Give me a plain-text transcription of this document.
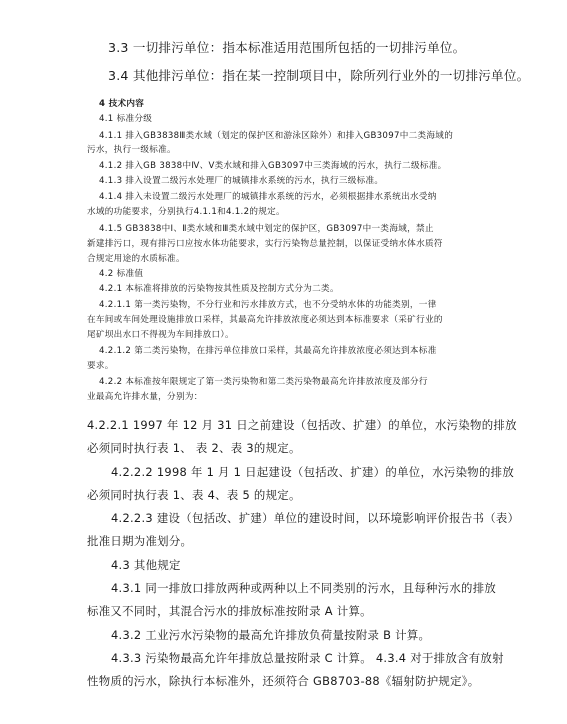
3.3 一切排污单位：指本标准适用范围所包括的一切排污单位。
3.4 其他排污单位：指在某一控制项目中，除所列行业外的一切排污单位。
4 技术内容
4.1 标准分级
4.1.1 排入GB3838Ⅲ类水域（划定的保护区和游泳区除外）和排入GB3097中二类海域的
污水，执行一级标准。
4.1.2 排入GB 3838中Ⅳ、Ⅴ类水域和排入GB3097中三类海域的污水，执行二级标准。
4.1.3 排入设置二级污水处理厂的城镇排水系统的污水，执行三级标准。
4.1.4 排入未设置二级污水处理厂的城镇排水系统的污水，必须根据排水系统出水受纳
水域的功能要求，分别执行4.1.1和4.1.2的规定。
4.1.5 GB3838中Ⅰ、Ⅱ类水域和Ⅲ类水域中划定的保护区，GB3097中一类海域，禁止
新建排污口，现有排污口应按水体功能要求，实行污染物总量控制，以保证受纳水体水质符
合规定用途的水质标准。
4.2 标准值
4.2.1 本标准将排放的污染物按其性质及控制方式分为二类。
4.2.1.1 第一类污染物，不分行业和污水排放方式，也不分受纳水体的功能类别，一律
在车间或车间处理设施排放口采样，其最高允许排放浓度必须达到本标准要求（采矿行业的
尾矿坝出水口不得视为车间排放口）。
4.2.1.2 第二类污染物，在排污单位排放口采样，其最高允许排放浓度必须达到本标准
要求。
4.2.2 本标准按年限规定了第一类污染物和第二类污染物最高允许排放浓度及部分行
业最高允许排水量，分别为：
4.2.2.1 1997 年 12 月 31 日之前建设（包括改、扩建）的单位，水污染物的排放
必须同时执行表 1、 表 2、表 3的规定。
4.2.2.2 1998 年 1 月 1 日起建设（包括改、扩建）的单位，水污染物的排放
必须同时执行表 1、表 4、表 5 的规定。
4.2.2.3 建设（包括改、扩建）单位的建设时间，以环境影响评价报告书（表）
批准日期为准划分。
4.3 其他规定
4.3.1 同一排放口排放两种或两种以上不同类别的污水，且每种污水的排放
标准又不同时，其混合污水的排放标准按附录 A 计算。
4.3.2 工业污水污染物的最高允许排放负荷量按附录 B 计算。
4.3.3 污染物最高允许年排放总量按附录 C 计算。 4.3.4 对于排放含有放射
性物质的污水，除执行本标准外，还须符合 GB8703-88《辐射防护规定》。
